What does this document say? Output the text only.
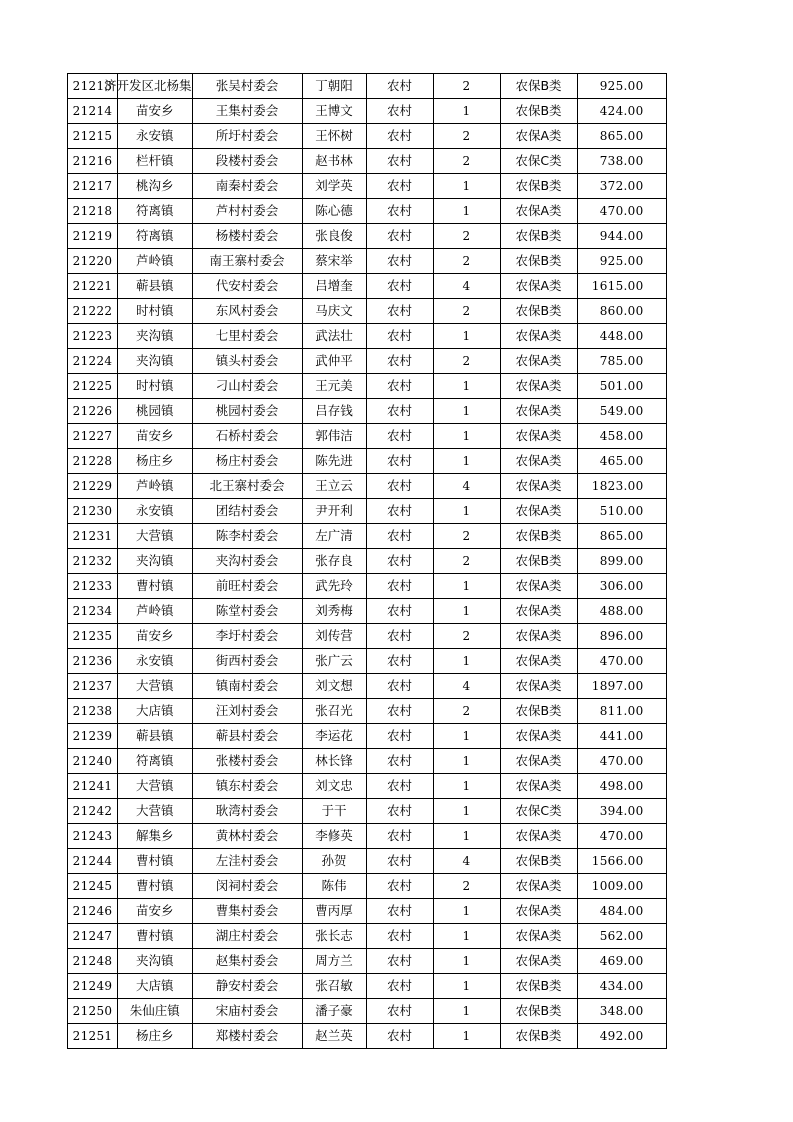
21213	济开发区北杨集	张吴村委会	丁朝阳	农村	2	农保B类	925.00
21214	苗安乡	王集村委会	王博文	农村	1	农保B类	424.00
21215	永安镇	所圩村委会	王怀树	农村	2	农保A类	865.00
21216	栏杆镇	段楼村委会	赵书林	农村	2	农保C类	738.00
21217	桃沟乡	南秦村委会	刘学英	农村	1	农保B类	372.00
21218	符离镇	芦村村委会	陈心德	农村	1	农保A类	470.00
21219	符离镇	杨楼村委会	张良俊	农村	2	农保B类	944.00
21220	芦岭镇	南王寨村委会	蔡宋举	农村	2	农保B类	925.00
21221	蕲县镇	代安村委会	吕增奎	农村	4	农保A类	1615.00
21222	时村镇	东风村委会	马庆文	农村	2	农保B类	860.00
21223	夹沟镇	七里村委会	武法壮	农村	1	农保A类	448.00
21224	夹沟镇	镇头村委会	武仲平	农村	2	农保A类	785.00
21225	时村镇	刁山村委会	王元美	农村	1	农保A类	501.00
21226	桃园镇	桃园村委会	吕存钱	农村	1	农保A类	549.00
21227	苗安乡	石桥村委会	郭伟洁	农村	1	农保A类	458.00
21228	杨庄乡	杨庄村委会	陈先进	农村	1	农保A类	465.00
21229	芦岭镇	北王寨村委会	王立云	农村	4	农保A类	1823.00
21230	永安镇	团结村委会	尹开利	农村	1	农保A类	510.00
21231	大营镇	陈李村委会	左广清	农村	2	农保B类	865.00
21232	夹沟镇	夹沟村委会	张存良	农村	2	农保B类	899.00
21233	曹村镇	前旺村委会	武先玲	农村	1	农保A类	306.00
21234	芦岭镇	陈堂村委会	刘秀梅	农村	1	农保A类	488.00
21235	苗安乡	李圩村委会	刘传营	农村	2	农保A类	896.00
21236	永安镇	街西村委会	张广云	农村	1	农保A类	470.00
21237	大营镇	镇南村委会	刘文想	农村	4	农保A类	1897.00
21238	大店镇	汪刘村委会	张召光	农村	2	农保B类	811.00
21239	蕲县镇	蕲县村委会	李运花	农村	1	农保A类	441.00
21240	符离镇	张楼村委会	林长锋	农村	1	农保A类	470.00
21241	大营镇	镇东村委会	刘文忠	农村	1	农保A类	498.00
21242	大营镇	耿湾村委会	于干	农村	1	农保C类	394.00
21243	解集乡	黄林村委会	李修英	农村	1	农保A类	470.00
21244	曹村镇	左洼村委会	孙贺	农村	4	农保B类	1566.00
21245	曹村镇	闵祠村委会	陈伟	农村	2	农保A类	1009.00
21246	苗安乡	曹集村委会	曹丙厚	农村	1	农保A类	484.00
21247	曹村镇	湖庄村委会	张长志	农村	1	农保A类	562.00
21248	夹沟镇	赵集村委会	周方兰	农村	1	农保A类	469.00
21249	大店镇	静安村委会	张召敏	农村	1	农保B类	434.00
21250	朱仙庄镇	宋庙村委会	潘子豪	农村	1	农保B类	348.00
21251	杨庄乡	郑楼村委会	赵兰英	农村	1	农保B类	492.00
